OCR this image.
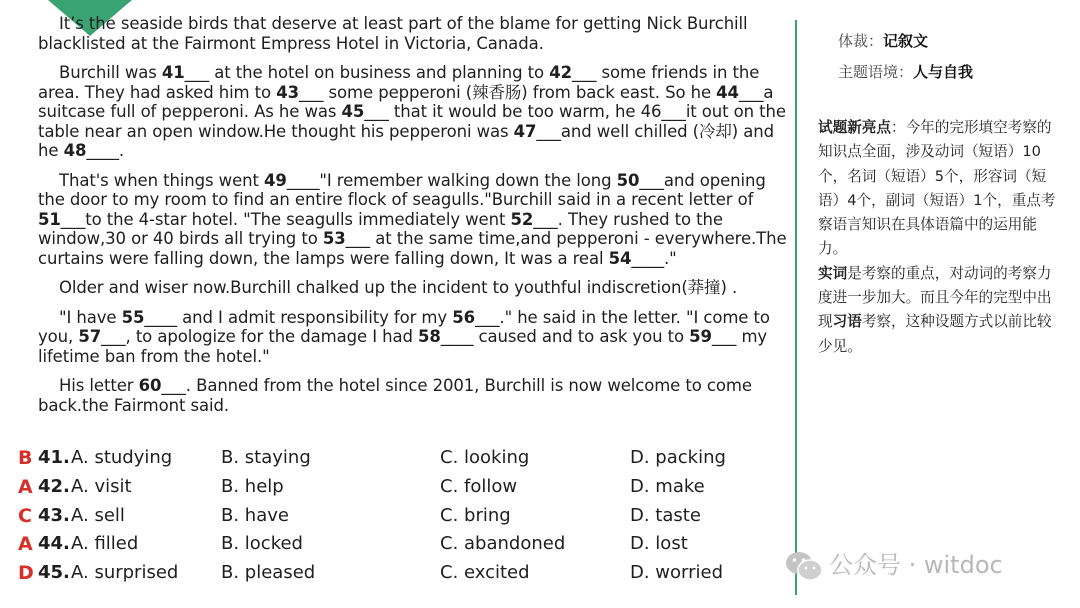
It’s the seaside birds that deserve at least part of the blame for getting Nick Burchill blacklisted at the Fairmont Empress Hotel in Victoria, Canada.

Burchill was 41___ at the hotel on business and planning to 42___ some friends in the area. They had asked him to 43___ some pepperoni (辣香肠) from back east. So he 44___a suitcase full of pepperoni. As he was 45___ that it would be too warm, he 46___it out on the table near an open window.He thought his pepperoni was 47___and well chilled (冷却) and he 48____.

That's when things went 49____"I remember walking down the long 50___and opening the door to my room to find an entire flock of seagulls."Burchill said in a recent letter of 51___to the 4-star hotel. "The seagulls immediately went 52___. They rushed to the window,30 or 40 birds all trying to 53___ at the same time,and pepperoni - everywhere.The curtains were falling down, the lamps were falling down, It was a real 54____."

Older and wiser now.Burchill chalked up the incident to youthful indiscretion(莽撞) .

"I have 55____ and I admit responsibility for my 56___." he said in the letter. "I come to you, 57___, to apologize for the damage I had 58____ caused and to ask you to 59___ my lifetime ban from the hotel."

His letter 60___. Banned from the hotel since 2001, Burchill is now welcome to come back.the Fairmont said.

B 41. A. studying	B. staying	C. looking	D. packing
A 42. A. visit	B. help	C. follow	D. make
C 43. A. sell	B. have	C. bring	D. taste
A 44. A. filled	B. locked	C. abandoned	D. lost
D 45. A. surprised B. pleased	C. excited	D. worried
体裁：记叙文
主题语境：人与自我
试题新亮点：今年的完形填空考察的知识点全面，涉及动词（短语）10个，名词（短语）5个，形容词（短语）4个，副词（短语）1个，重点考察语言知识在具体语篇中的运用能力。
实词是考察的重点，对动词的考察力度进一步加大。而且今年的完型中出现习语考察，这种设题方式以前比较少见。
公众号 · witdoc
